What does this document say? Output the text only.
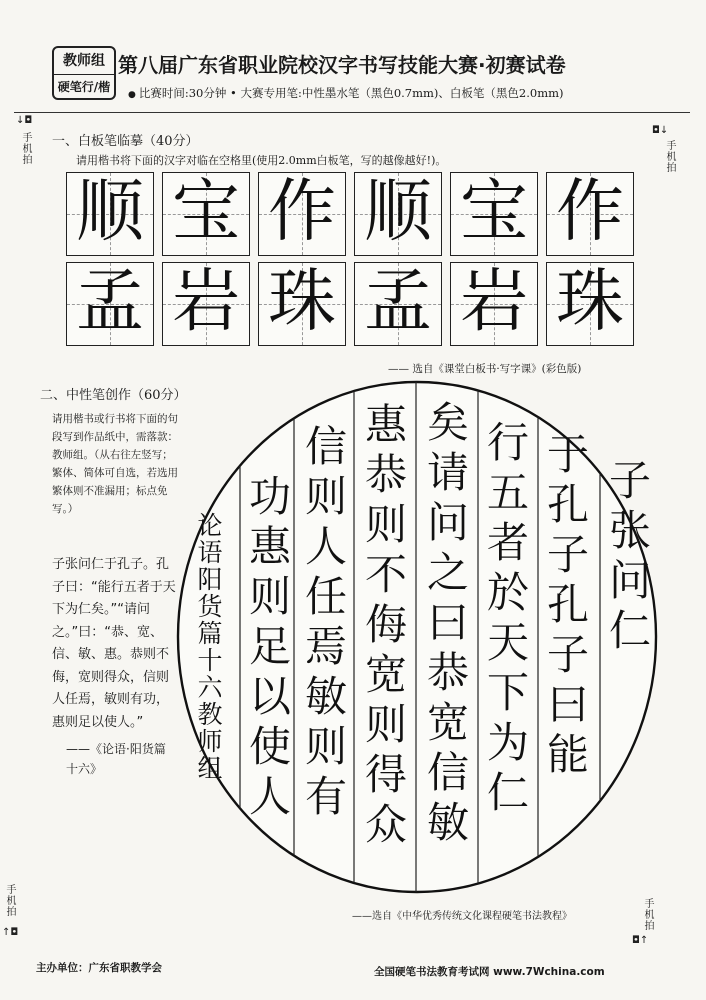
教师组
硬笔行/楷
第八届广东省职业院校汉字书写技能大赛·初赛试卷
● 比赛时间:30分钟 • 大赛专用笔:中性墨水笔（黑色0.7mm)、白板笔（黑色2.0mm)
↓◘
手机拍
◘↓
手机拍
手机拍
↑◘
手机拍
◘↑
一、白板笔临摹（40分）
请用楷书将下面的汉字对临在空格里(使用2.0mm白板笔，写的越像越好!)。
顺 宝 作 顺 宝 作
孟 岩 珠 孟 岩 珠
—— 选自《课堂白板书·写字课》(彩色版)
二、中性笔创作（60分）
请用楷书或行书将下面的句段写到作品纸中，需落款：教师组。（从右往左竖写；繁体、简体可自选，若选用繁体则不准漏用；标点免写。）
子张问仁于孔子。孔子曰：“能行五者于天下为仁矣。”“请问之。”曰：“恭、宽、信、敏、惠。恭则不侮，宽则得众，信则人任焉，敏则有功，惠则足以使人。”
——《论语·阳货篇十六》
子张问仁
于孔子孔子曰能
行五者於天下为仁
矣请问之曰恭宽信敏
惠恭则不侮宽则得众
信则人任焉敏则有
功惠则足以使人
论语阳货篇十六教师组
——选自《中华优秀传统文化课程硬笔书法教程》
主办单位：广东省职教学会	全国硬笔书法教育考试网 www.7Wchina.com
